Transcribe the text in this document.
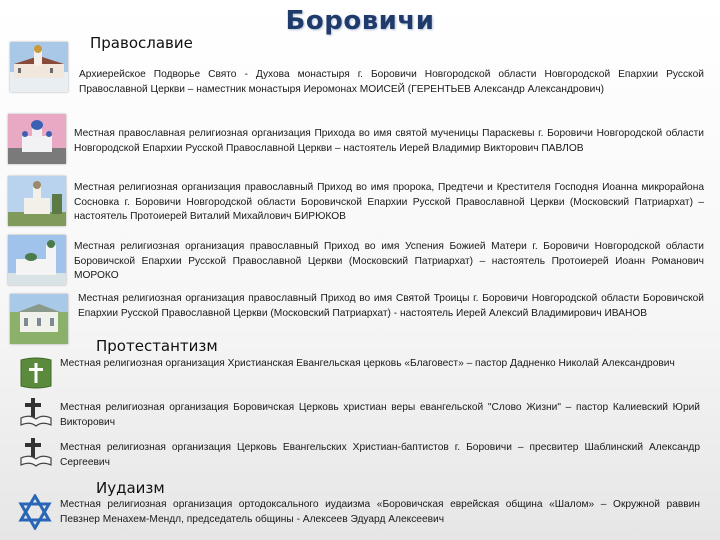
Боровичи
Православие
Архиерейское Подворье Свято - Духова монастыря г. Боровичи Новгородской области Новгородской Епархии Русской Православной Церкви – наместник монастыря Иеромонах МОИСЕЙ (ГЕРЕНТЬЕВ Александр Александрович)
Местная православная религиозная организация Прихода во имя святой мученицы Параскевы г. Боровичи Новгородской области Новгородской Епархии Русской Православной Церкви – настоятель Иерей Владимир Викторович ПАВЛОВ
Местная религиозная организация православный Приход во имя пророка, Предтечи и Крестителя Господня Иоанна микрорайона Сосновка г. Боровичи Новгородской области Боровичской Епархии Русской Православной Церкви (Московский Патриархат) – настоятель Протоиерей Виталий Михайлович БИРЮКОВ
Местная религиозная организация православный Приход во имя Успения Божией Матери г. Боровичи Новгородской области Боровичской Епархии Русской Православной Церкви (Московский Патриархат) – настоятель Протоиерей Иоанн Романович МОРОКО
Местная религиозная организация православный Приход во имя Святой Троицы г. Боровичи Новгородской области Боровичской Епархии Русской Православной Церкви (Московский Патриархат) - настоятель Иерей Алексий Владимирович ИВАНОВ
Протестантизм
Местная религиозная организация Христианская Евангельская церковь «Благовест» – пастор Дадненко Николай Александрович
Местная религиозная организация Боровичская Церковь христиан веры евангельской "Слово Жизни" – пастор Калиевский Юрий Викторович
Местная религиозная организация Церковь Евангельских Христиан-баптистов г. Боровичи – пресвитер Шаблинский Александр Сергеевич
Иудаизм
Местная религиозная организация ортодоксального иудаизма «Боровичская еврейская община «Шалом» – Окружной раввин Певзнер Менахем-Мендл, председатель общины - Алексеев Эдуард Алексеевич
